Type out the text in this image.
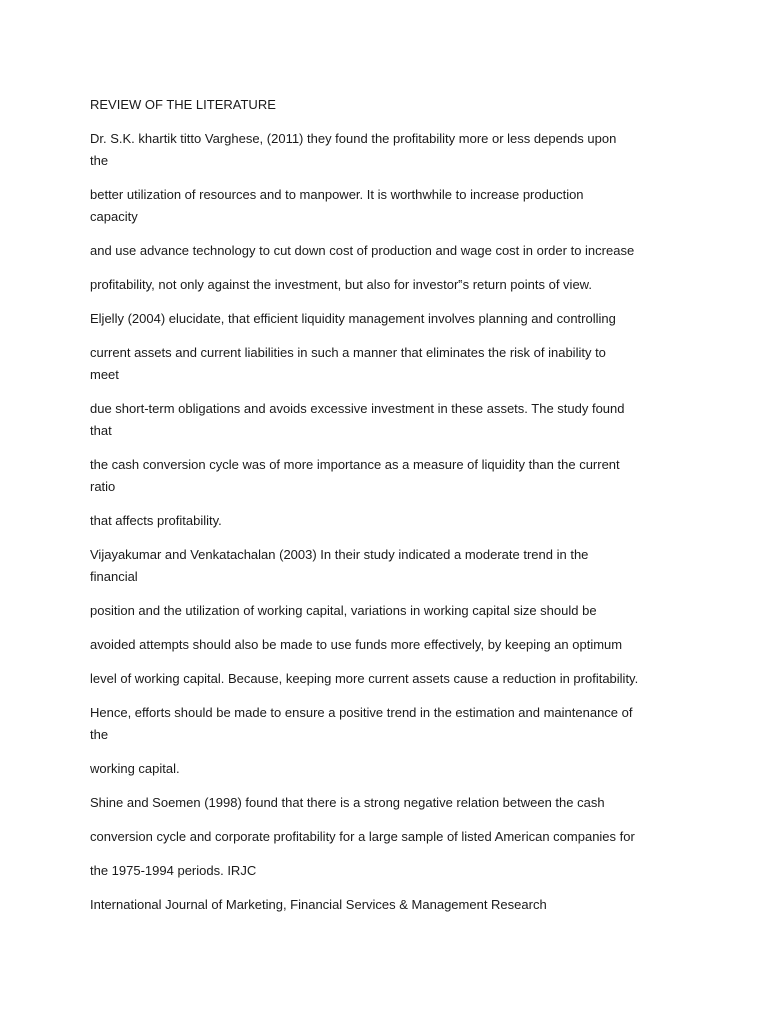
REVIEW OF THE LITERATURE

Dr. S.K. khartik titto Varghese, (2011) they found the profitability more or less depends upon
the

better utilization of resources and to manpower. It is worthwhile to increase production
capacity

and use advance technology to cut down cost of production and wage cost in order to increase

profitability, not only against the investment, but also for investor‟s return points of view.

Eljelly (2004) elucidate, that efficient liquidity management involves planning and controlling

current assets and current liabilities in such a manner that eliminates the risk of inability to
meet

due short-term obligations and avoids excessive investment in these assets. The study found
that

the cash conversion cycle was of more importance as a measure of liquidity than the current
ratio

that affects profitability.

Vijayakumar and Venkatachalan (2003) In their study indicated a moderate trend in the
financial

position and the utilization of working capital, variations in working capital size should be

avoided attempts should also be made to use funds more effectively, by keeping an optimum

level of working capital. Because, keeping more current assets cause a reduction in profitability.

Hence, efforts should be made to ensure a positive trend in the estimation and maintenance of
the

working capital.

Shine and Soemen (1998) found that there is a strong negative relation between the cash

conversion cycle and corporate profitability for a large sample of listed American companies for

the 1975-1994 periods. IRJC

International Journal of Marketing, Financial Services & Management Research
